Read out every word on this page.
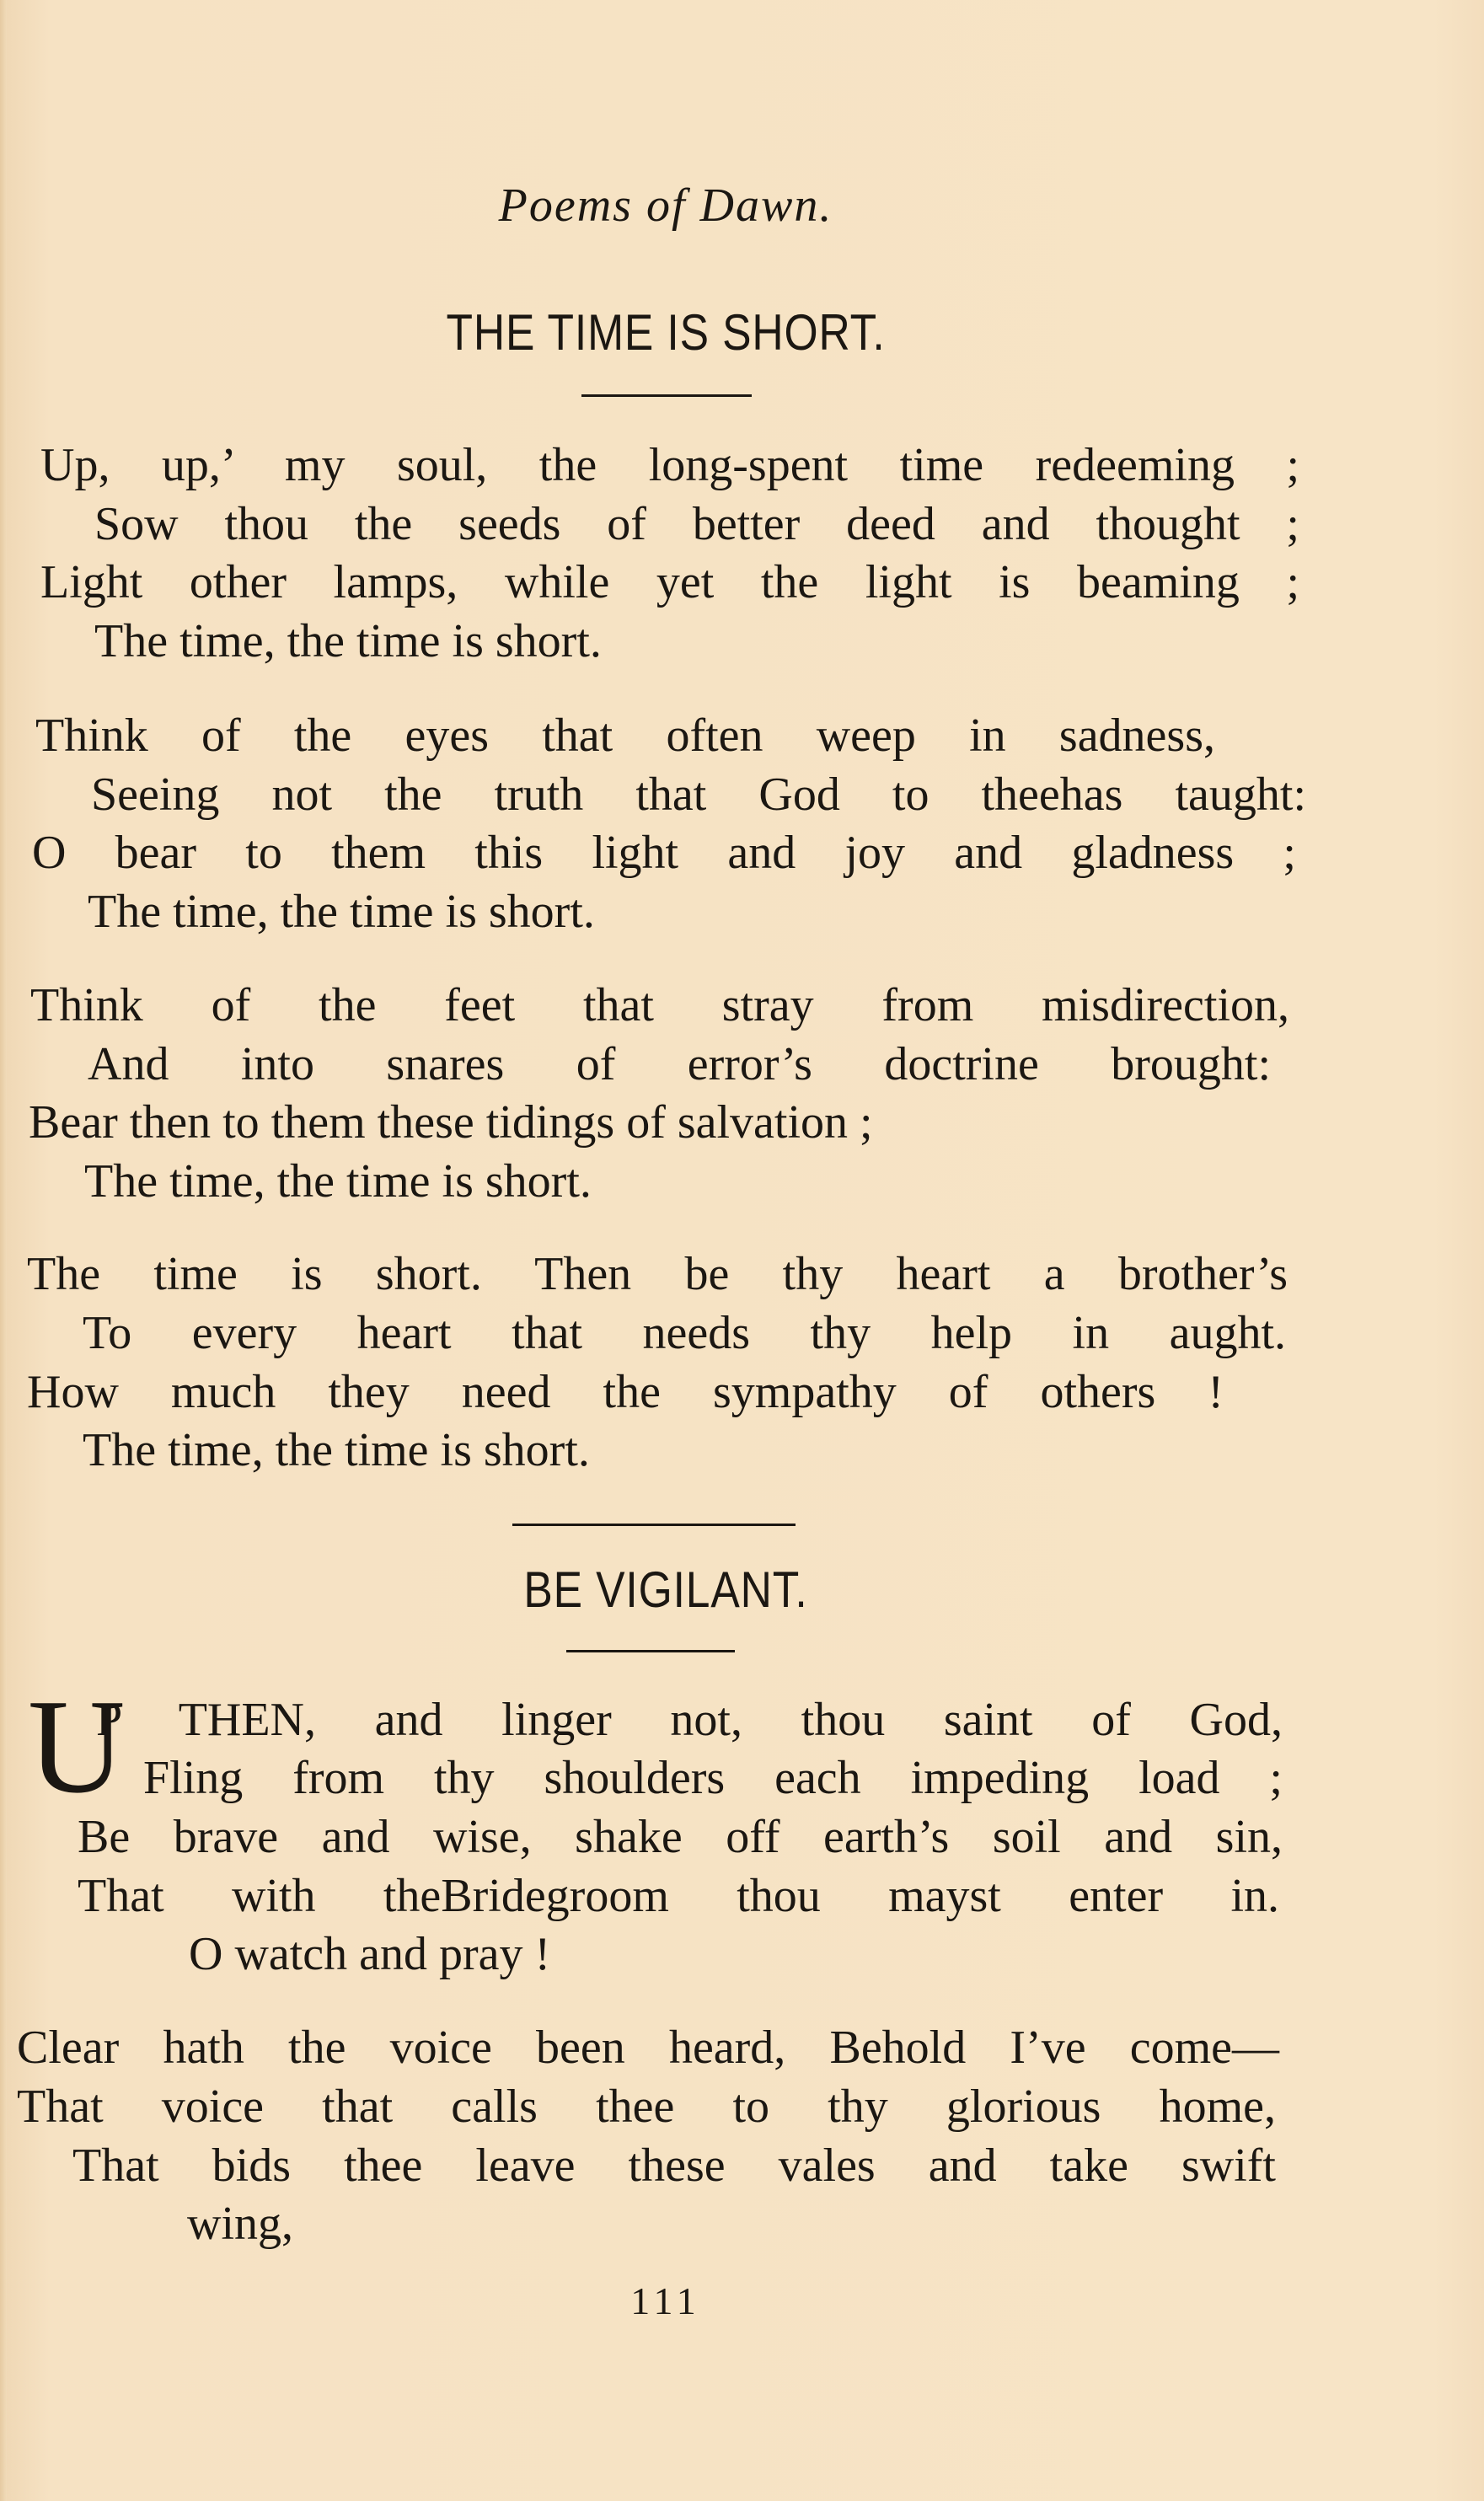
Poems of Dawn.
THE TIME IS SHORT.
Up, up,’ my soul, the long-spent time redeeming ;
Sow thou the seeds of better deed and thought ;
Light other lamps, while yet the light is beaming ;
The time, the time is short.
Think of the eyes that often weep in sadness,
Seeing not the truth that God to theehas taught:
O bear to them this light and joy and gladness ;
The time, the time is short.
Think of the feet that stray from misdirection,
And into snares of error’s doctrine brought:
Bear then to them these tidings of salvation ;
The time, the time is short.
The time is short. Then be thy heart a brother’s
To every heart that needs thy help in aught.
How much they need the sympathy of others !
The time, the time is short.
BE VIGILANT.
U
P THEN, and linger not, thou saint of God,
Fling from thy shoulders each impeding load ;
Be brave and wise, shake off earth’s soil and sin,
That with theBridegroom thou mayst enter in.
O watch and pray !
Clear hath the voice been heard, Behold I’ve come—
That voice that calls thee to thy glorious home,
That bids thee leave these vales and take swift
wing,
111
